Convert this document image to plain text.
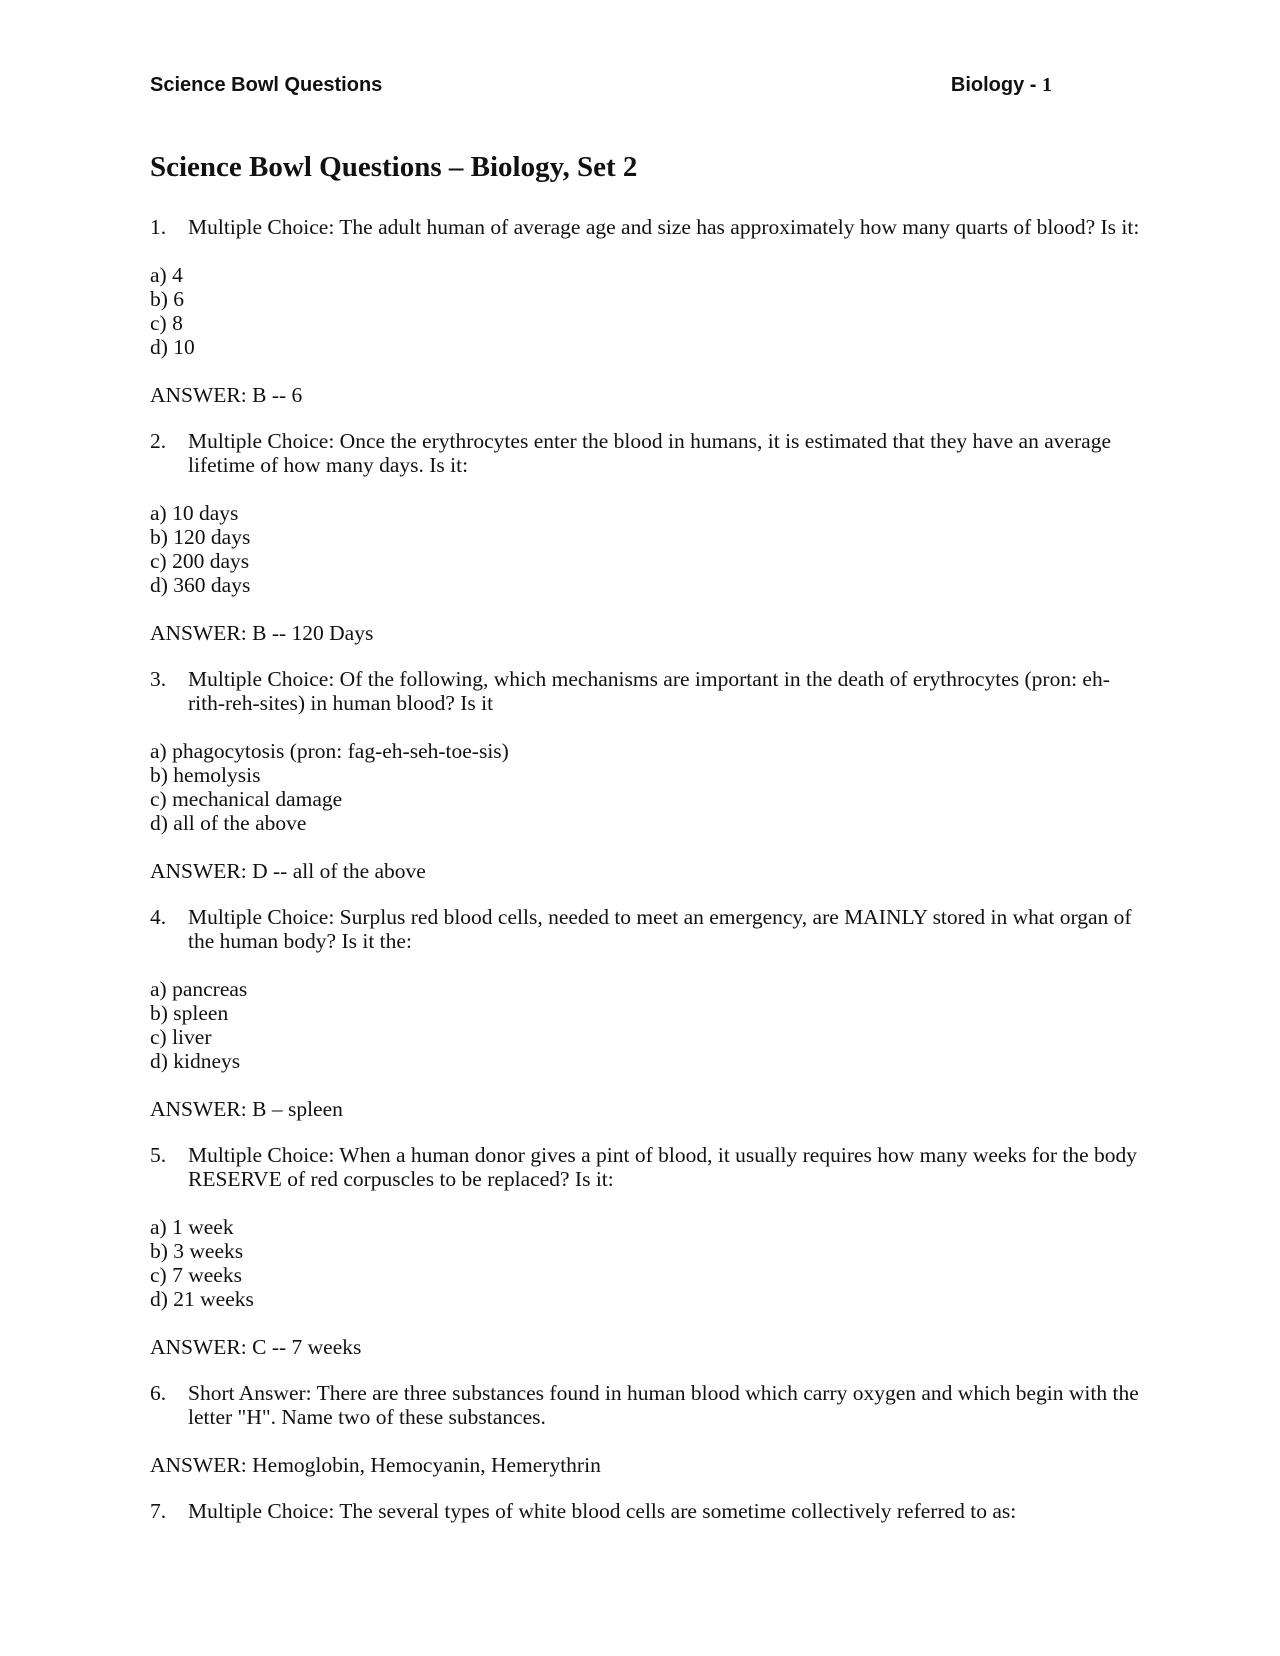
Science Bowl Questions	Biology - 1
Science Bowl Questions – Biology, Set 2

1. Multiple Choice: The adult human of average age and size has approximately how many quarts of blood? Is it:

a) 4
b) 6
c) 8
d) 10

ANSWER: B -- 6

2. Multiple Choice: Once the erythrocytes enter the blood in humans, it is estimated that they have an average lifetime of how many days. Is it:

a) 10 days
b) 120 days
c) 200 days
d) 360 days

ANSWER: B -- 120 Days

3. Multiple Choice: Of the following, which mechanisms are important in the death of erythrocytes (pron: eh-rith-reh-sites) in human blood? Is it

a) phagocytosis (pron: fag-eh-seh-toe-sis)
b) hemolysis
c) mechanical damage
d) all of the above

ANSWER: D -- all of the above

4. Multiple Choice: Surplus red blood cells, needed to meet an emergency, are MAINLY stored in what organ of the human body? Is it the:

a) pancreas
b) spleen
c) liver
d) kidneys

ANSWER: B – spleen

5. Multiple Choice: When a human donor gives a pint of blood, it usually requires how many weeks for the body RESERVE of red corpuscles to be replaced? Is it:

a) 1 week
b) 3 weeks
c) 7 weeks
d) 21 weeks

ANSWER: C -- 7 weeks

6. Short Answer: There are three substances found in human blood which carry oxygen and which begin with the letter "H". Name two of these substances.

ANSWER: Hemoglobin, Hemocyanin, Hemerythrin

7. Multiple Choice: The several types of white blood cells are sometime collectively referred to as:
